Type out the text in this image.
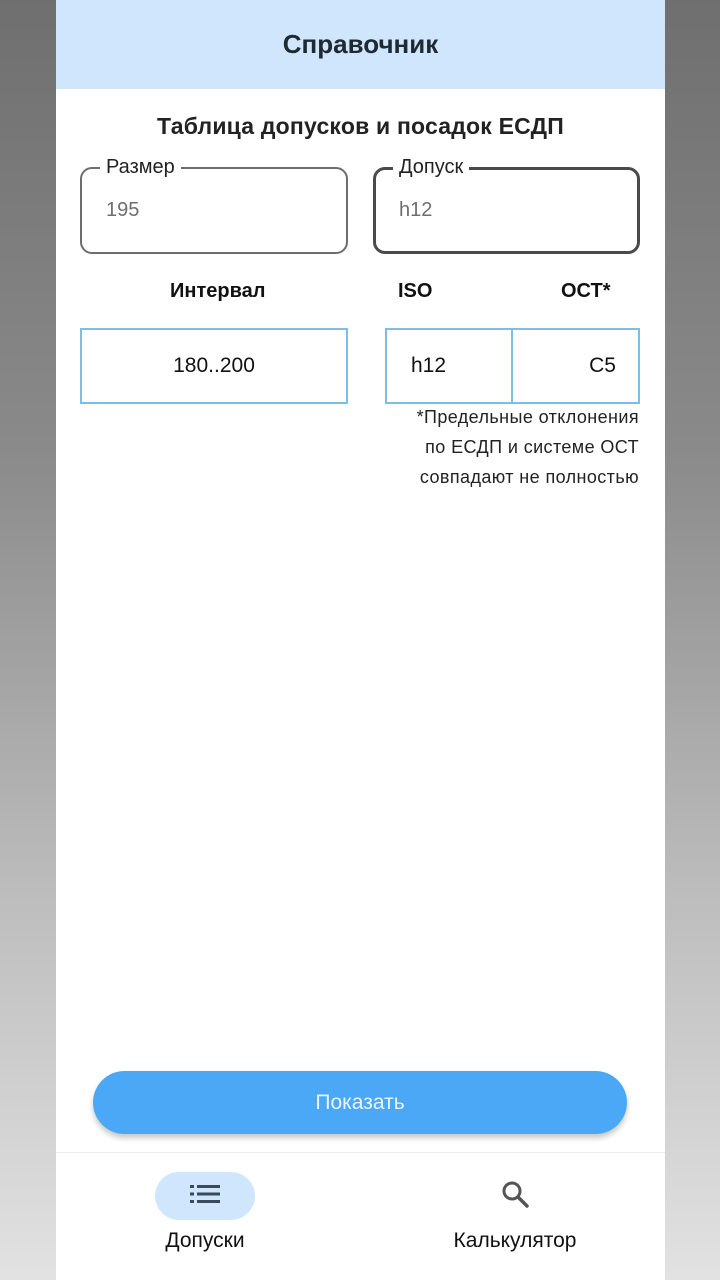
Справочник
Таблица допусков и посадок ЕСДП
Размер
195
Допуск
h12
Интервал	ISO	ОСТ*
180..200	h12	С5
*Предельные отклонения
по ЕСДП и системе ОСТ
совпадают не полностью
Показать
Допуски	Калькулятор
